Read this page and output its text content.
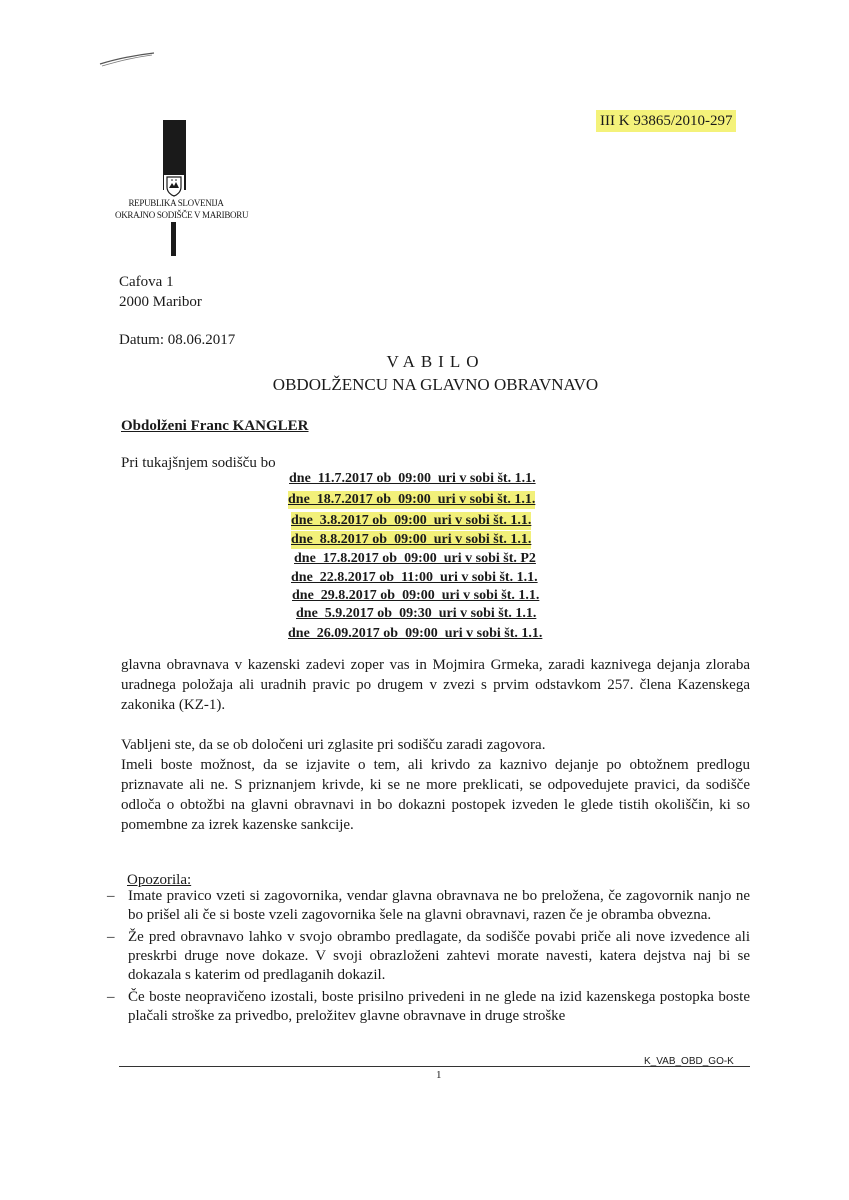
III K 93865/2010-297
REPUBLIKA SLOVENIJA
OKRAJNO SODIŠČE V MARIBORU
Cafova 1
2000 Maribor
Datum: 08.06.2017
VABILO
OBDOLŽENCU NA GLAVNO OBRAVNAVO
Obdolženi Franc KANGLER
Pri tukajšnjem sodišču bo
dne  11.7.2017 ob  09:00  uri v sobi št. 1.1.
dne  18.7.2017 ob  09:00  uri v sobi št. 1.1.
dne  3.8.2017 ob  09:00  uri v sobi št. 1.1.
dne  8.8.2017 ob  09:00  uri v sobi št. 1.1.
dne  17.8.2017 ob  09:00  uri v sobi št. P2
dne  22.8.2017 ob  11:00  uri v sobi št. 1.1.
dne  29.8.2017 ob  09:00  uri v sobi št. 1.1.
dne  5.9.2017 ob  09:30  uri v sobi št. 1.1.
dne  26.09.2017 ob  09:00  uri v sobi št. 1.1.

glavna obravnava v kazenski zadevi zoper vas in Mojmira Grmeka, zaradi kaznivega dejanja zloraba uradnega položaja ali uradnih pravic po drugem v zvezi s prvim odstavkom 257. člena Kazenskega zakonika (KZ-1).

Vabljeni ste, da se ob določeni uri zglasite pri sodišču zaradi zagovora.

Imeli boste možnost, da se izjavite o tem, ali krivdo za kaznivo dejanje po obtožnem predlogu priznavate ali ne. S priznanjem krivde, ki se ne more preklicati, se odpovedujete pravici, da sodišče odloča o obtožbi na glavni obravnavi in bo dokazni postopek izveden le glede tistih okoliščin, ki so pomembne za izrek kazenske sankcije.

Opozorila:
– Imate pravico vzeti si zagovornika, vendar glavna obravnava ne bo preložena, če zagovornik nanjo ne bo prišel ali če si boste vzeli zagovornika šele na glavni obravnavi, razen če je obramba obvezna.
– Že pred obravnavo lahko v svojo obrambo predlagate, da sodišče povabi priče ali nove izvedence ali preskrbi druge nove dokaze. V svoji obrazloženi zahtevi morate navesti, katera dejstva naj bi se dokazala s katerim od predlaganih dokazil.
– Če boste neopravičeno izostali, boste prisilno privedeni in ne glede na izid kazenskega postopka boste plačali stroške za privedbo, preložitev glavne obravnave in druge stroške
1
K_VAB_OBD_GO-K
